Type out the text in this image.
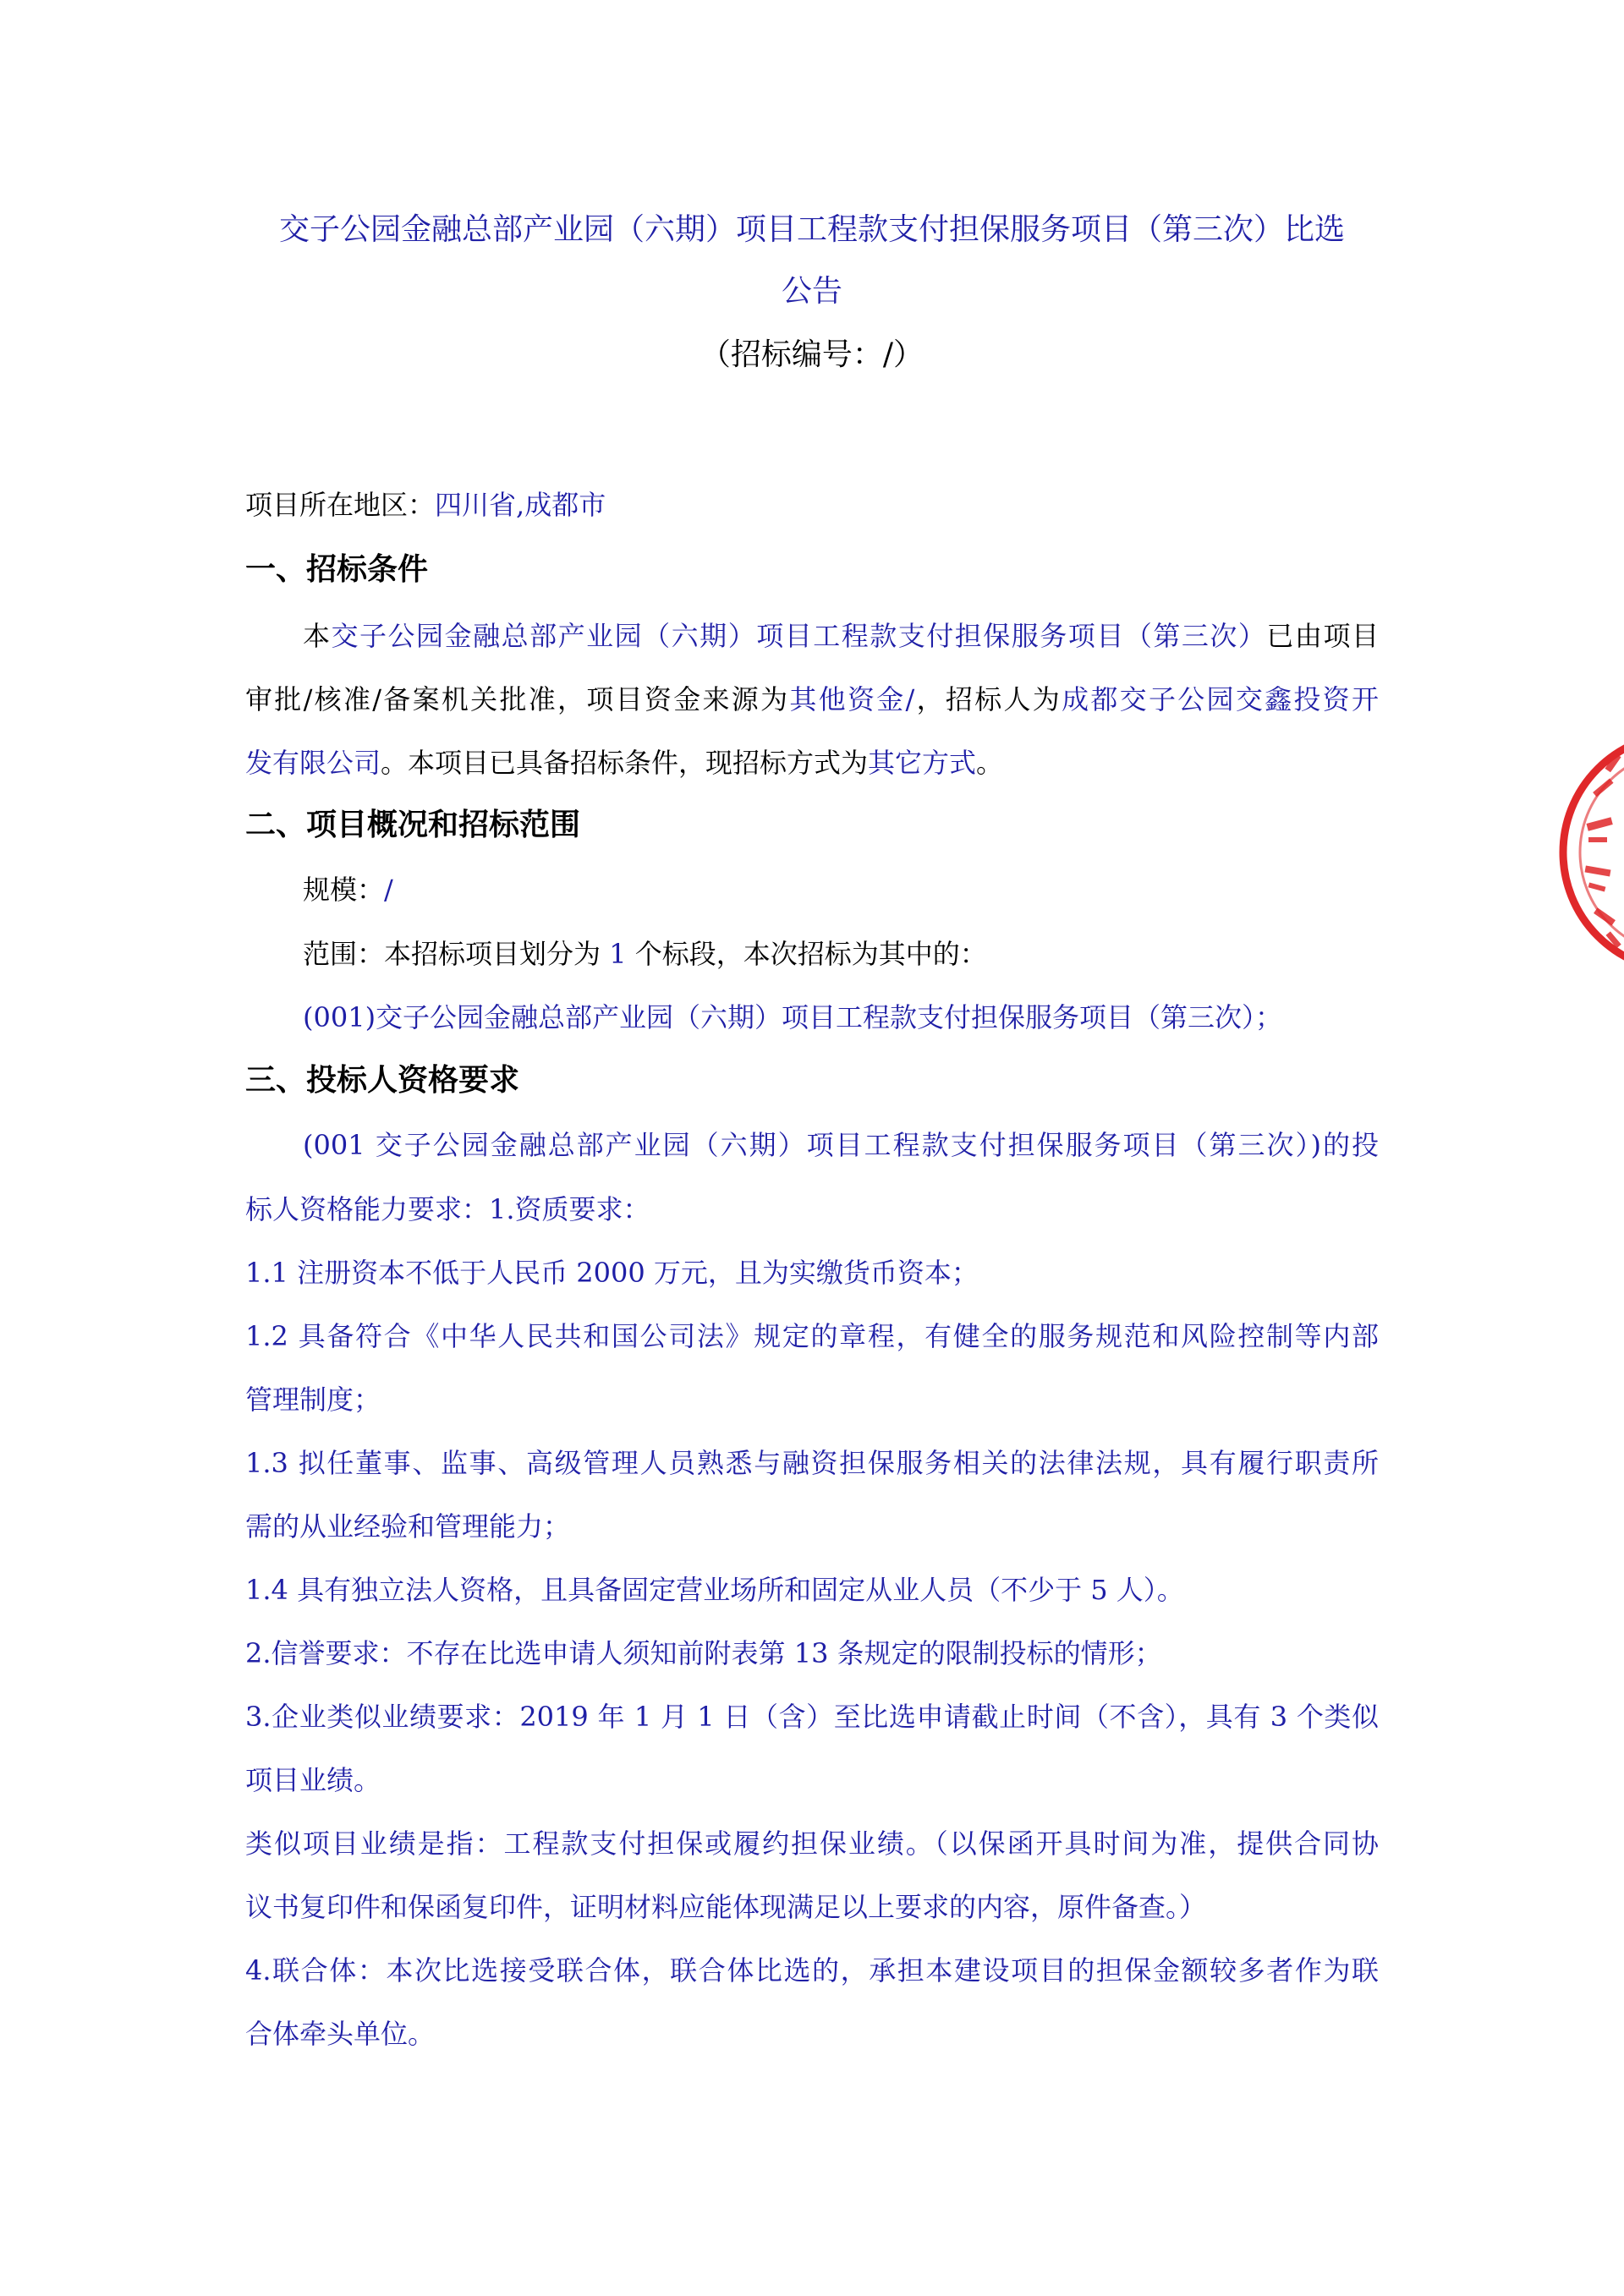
交子公园金融总部产业园（六期）项目工程款支付担保服务项目（第三次）比选
公告
（招标编号：/）
项目所在地区：四川省,成都市
一、招标条件
本交子公园金融总部产业园（六期）项目工程款支付担保服务项目（第三次）已由项目
审批/核准/备案机关批准，项目资金来源为其他资金/，招标人为成都交子公园交鑫投资开
发有限公司。本项目已具备招标条件，现招标方式为其它方式。
二、项目概况和招标范围
规模：/
范围：本招标项目划分为 1 个标段，本次招标为其中的：
(001)交子公园金融总部产业园（六期）项目工程款支付担保服务项目（第三次）；
三、投标人资格要求
(001 交子公园金融总部产业园（六期）项目工程款支付担保服务项目（第三次）)的投
标人资格能力要求：1.资质要求：
1.1 注册资本不低于人民币 2000 万元，且为实缴货币资本；
1.2 具备符合《中华人民共和国公司法》规定的章程，有健全的服务规范和风险控制等内部
管理制度；
1.3 拟任董事、监事、高级管理人员熟悉与融资担保服务相关的法律法规，具有履行职责所
需的从业经验和管理能力；
1.4 具有独立法人资格，且具备固定营业场所和固定从业人员（不少于 5 人）。
2.信誉要求：不存在比选申请人须知前附表第 13 条规定的限制投标的情形；
3.企业类似业绩要求：2019 年 1 月 1 日（含）至比选申请截止时间（不含），具有 3 个类似
项目业绩。
类似项目业绩是指：工程款支付担保或履约担保业绩。（以保函开具时间为准，提供合同协
议书复印件和保函复印件，证明材料应能体现满足以上要求的内容，原件备查。）
4.联合体：本次比选接受联合体，联合体比选的，承担本建设项目的担保金额较多者作为联
合体牵头单位。
